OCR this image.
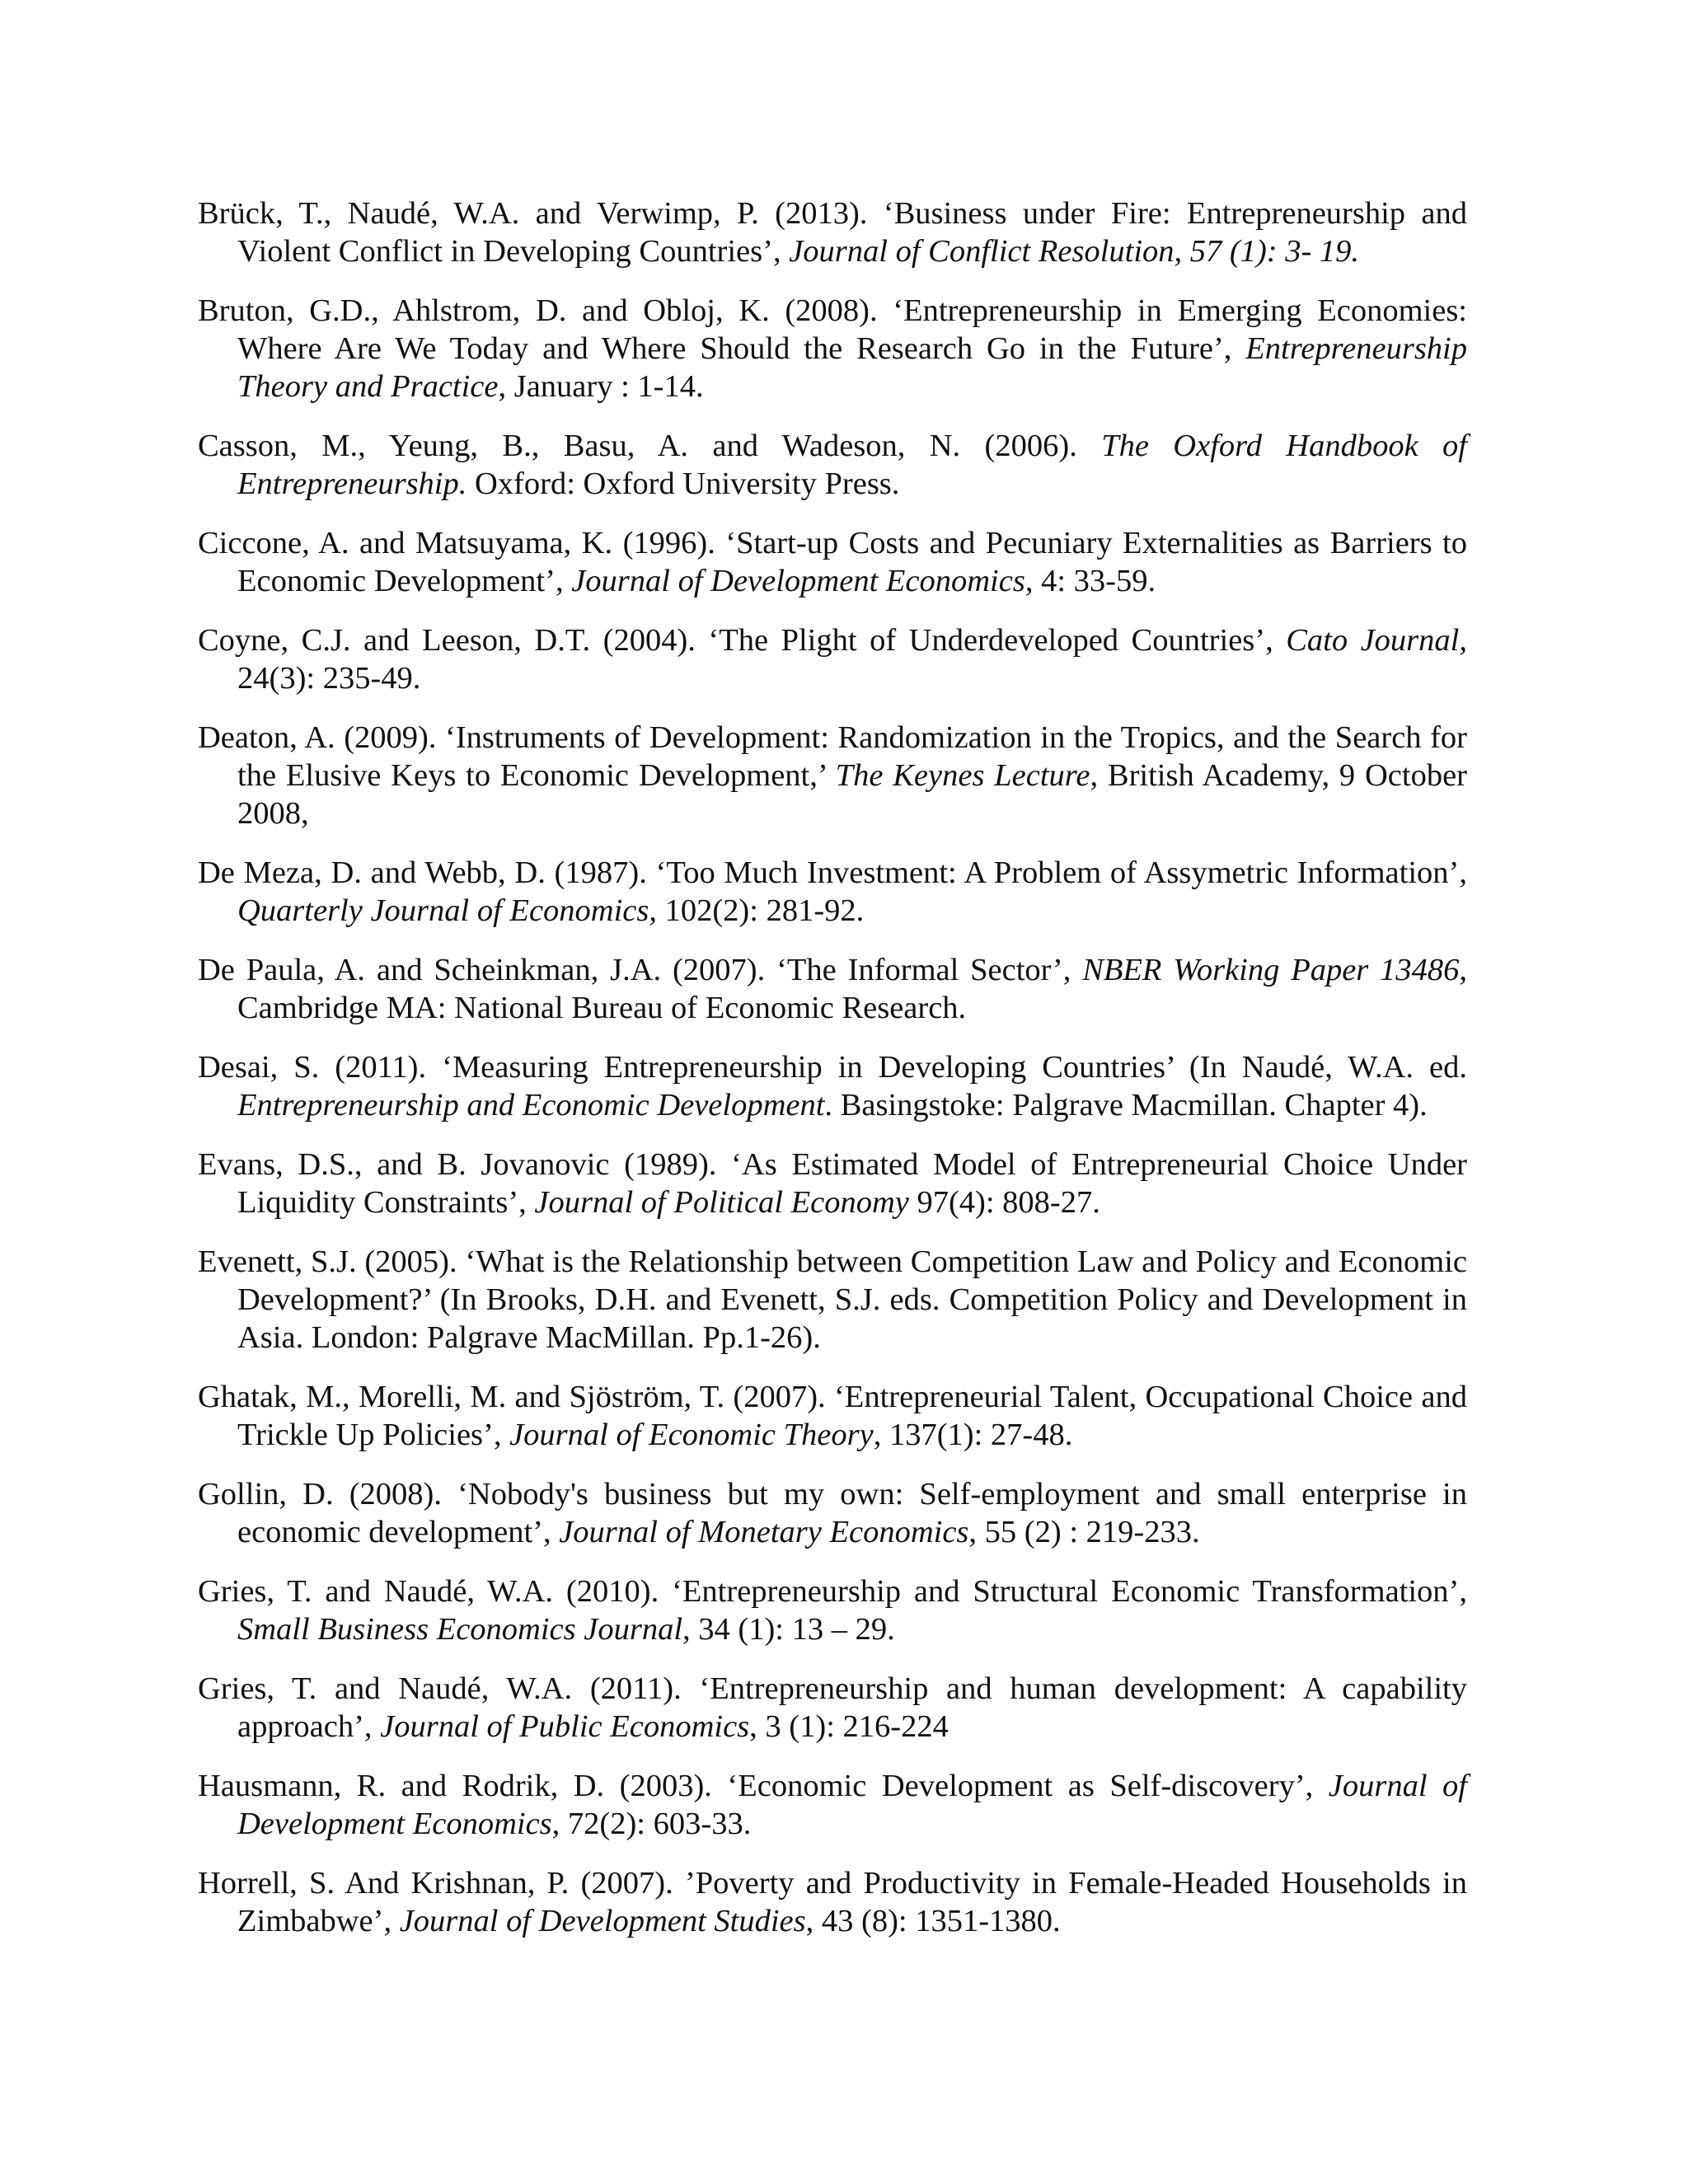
Brück, T., Naudé, W.A. and Verwimp, P. (2013). ‘Business under Fire: Entrepreneurship and Violent Conflict in Developing Countries’, Journal of Conflict Resolution, 57 (1): 3- 19.

Bruton, G.D., Ahlstrom, D. and Obloj, K. (2008). ‘Entrepreneurship in Emerging Economies: Where Are We Today and Where Should the Research Go in the Future’, Entrepreneurship Theory and Practice, January : 1-14.

Casson, M., Yeung, B., Basu, A. and Wadeson, N. (2006). The Oxford Handbook of Entrepreneurship. Oxford: Oxford University Press.

Ciccone, A. and Matsuyama, K. (1996). ‘Start-up Costs and Pecuniary Externalities as Barriers to Economic Development’, Journal of Development Economics, 4: 33-59.

Coyne, C.J. and Leeson, D.T. (2004). ‘The Plight of Underdeveloped Countries’, Cato Journal, 24(3): 235-49.

Deaton, A. (2009). ‘Instruments of Development: Randomization in the Tropics, and the Search for the Elusive Keys to Economic Development,’ The Keynes Lecture, British Academy, 9 October 2008,

De Meza, D. and Webb, D. (1987). ‘Too Much Investment: A Problem of Assymetric Information’, Quarterly Journal of Economics, 102(2): 281-92.

De Paula, A. and Scheinkman, J.A. (2007). ‘The Informal Sector’, NBER Working Paper 13486, Cambridge MA: National Bureau of Economic Research.

Desai, S. (2011). ‘Measuring Entrepreneurship in Developing Countries’ (In Naudé, W.A. ed. Entrepreneurship and Economic Development. Basingstoke: Palgrave Macmillan. Chapter 4).

Evans, D.S., and B. Jovanovic (1989). ‘As Estimated Model of Entrepreneurial Choice Under Liquidity Constraints’, Journal of Political Economy 97(4): 808-27.

Evenett, S.J. (2005). ‘What is the Relationship between Competition Law and Policy and Economic Development?’ (In Brooks, D.H. and Evenett, S.J. eds. Competition Policy and Development in Asia. London: Palgrave MacMillan. Pp.1-26).

Ghatak, M., Morelli, M. and Sjöström, T. (2007). ‘Entrepreneurial Talent, Occupational Choice and Trickle Up Policies’, Journal of Economic Theory, 137(1): 27-48.

Gollin, D. (2008). ‘Nobody's business but my own: Self-employment and small enterprise in economic development’, Journal of Monetary Economics, 55 (2) : 219-233.

Gries, T. and Naudé, W.A. (2010). ‘Entrepreneurship and Structural Economic Transformation’, Small Business Economics Journal, 34 (1): 13 – 29.

Gries, T. and Naudé, W.A. (2011). ‘Entrepreneurship and human development: A capability approach’, Journal of Public Economics, 3 (1): 216-224

Hausmann, R. and Rodrik, D. (2003). ‘Economic Development as Self-discovery’, Journal of Development Economics, 72(2): 603-33.

Horrell, S. And Krishnan, P. (2007). ’Poverty and Productivity in Female-Headed Households in Zimbabwe’, Journal of Development Studies, 43 (8): 1351-1380.
